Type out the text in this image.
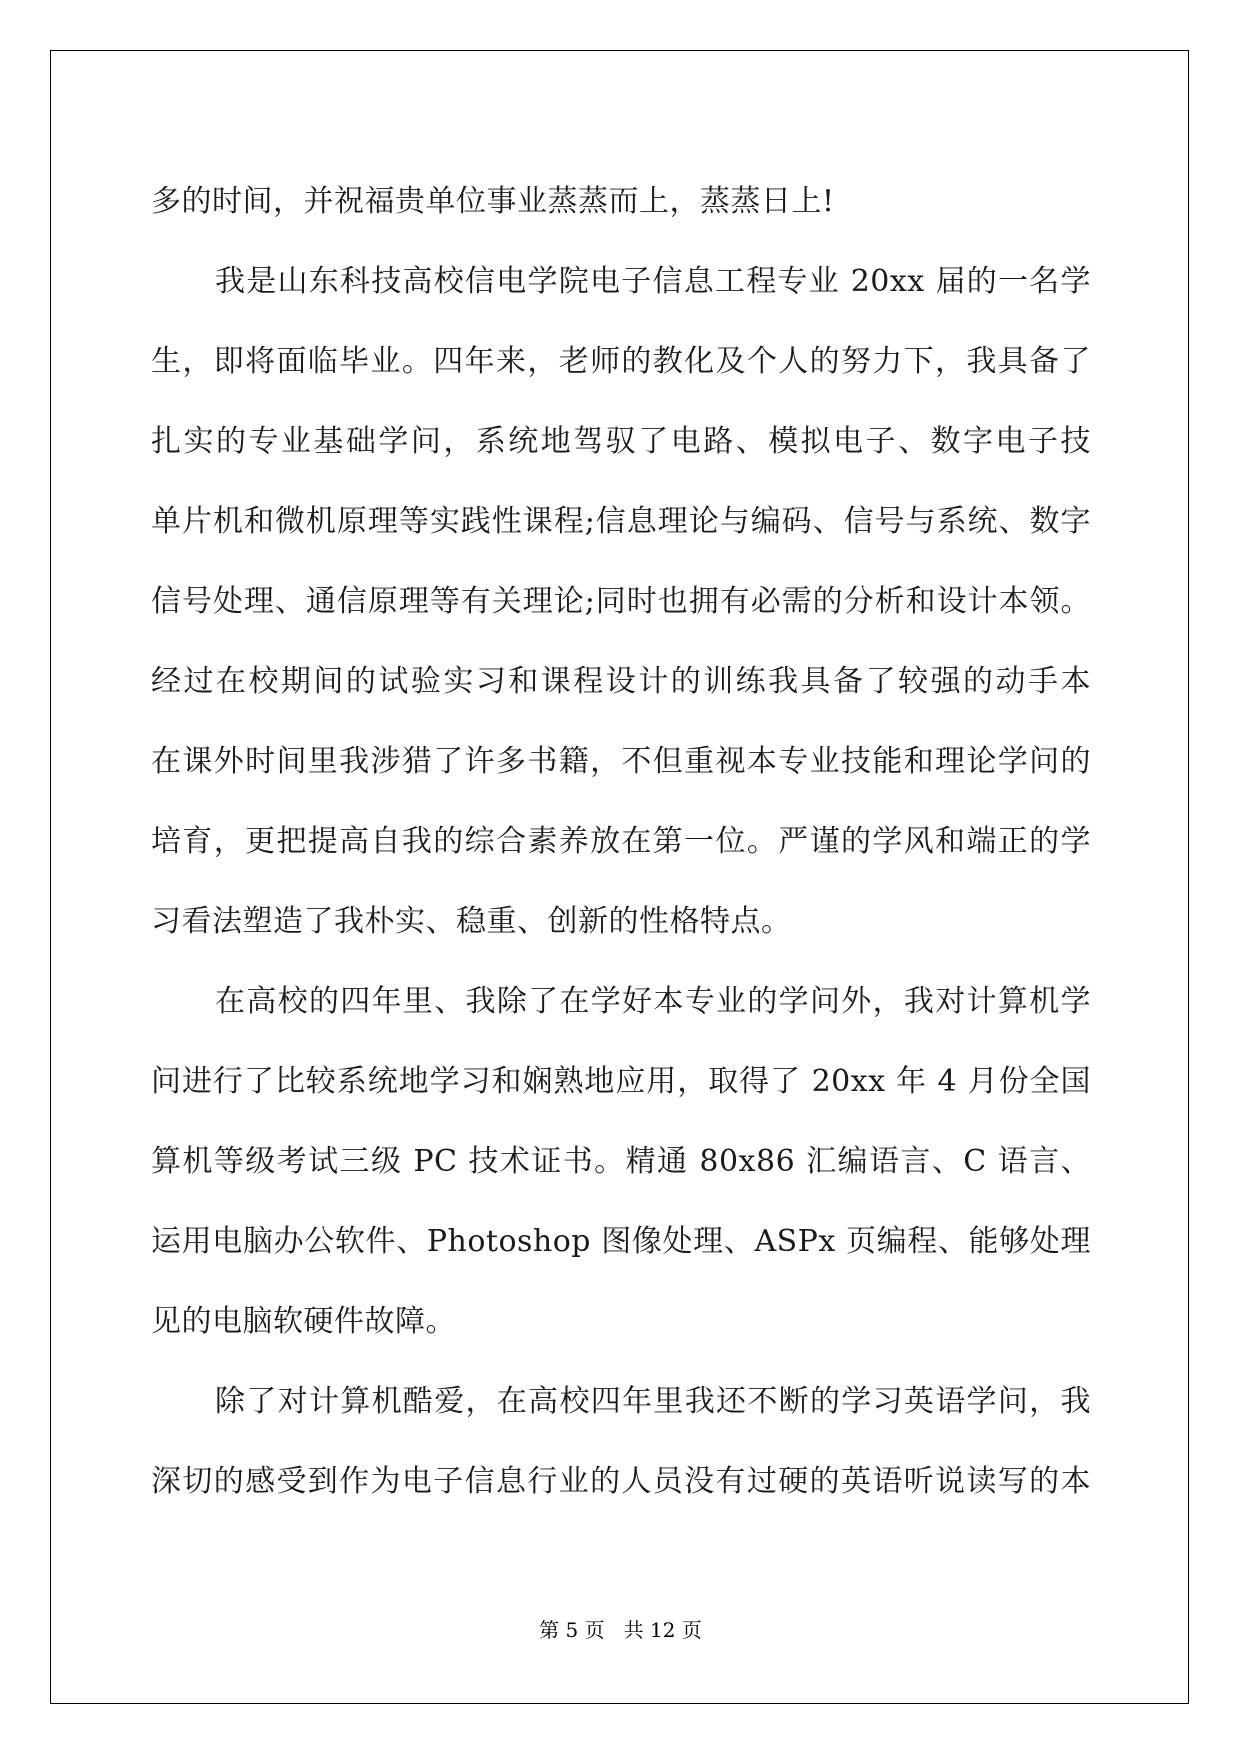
多的时间，并祝福贵单位事业蒸蒸而上，蒸蒸日上!
我是山东科技高校信电学院电子信息工程专业 20xx 届的一名学
生，即将面临毕业。四年来，老师的教化及个人的努力下，我具备了
扎实的专业基础学问，系统地驾驭了电路、模拟电子、数字电子技
单片机和微机原理等实践性课程;信息理论与编码、信号与系统、数字
信号处理、通信原理等有关理论;同时也拥有必需的分析和设计本领。
经过在校期间的试验实习和课程设计的训练我具备了较强的动手本
在课外时间里我涉猎了许多书籍，不但重视本专业技能和理论学问的
培育，更把提高自我的综合素养放在第一位。严谨的学风和端正的学
习看法塑造了我朴实、稳重、创新的性格特点。
在高校的四年里、我除了在学好本专业的学问外，我对计算机学
问进行了比较系统地学习和娴熟地应用，取得了 20xx 年 4 月份全国
算机等级考试三级 PC 技术证书。精通 80x86 汇编语言、C 语言、
运用电脑办公软件、Photoshop 图像处理、ASPx 页编程、能够处理
见的电脑软硬件故障。
除了对计算机酷爱，在高校四年里我还不断的学习英语学问，我
深切的感受到作为电子信息行业的人员没有过硬的英语听说读写的本
第 5 页 共 12 页
